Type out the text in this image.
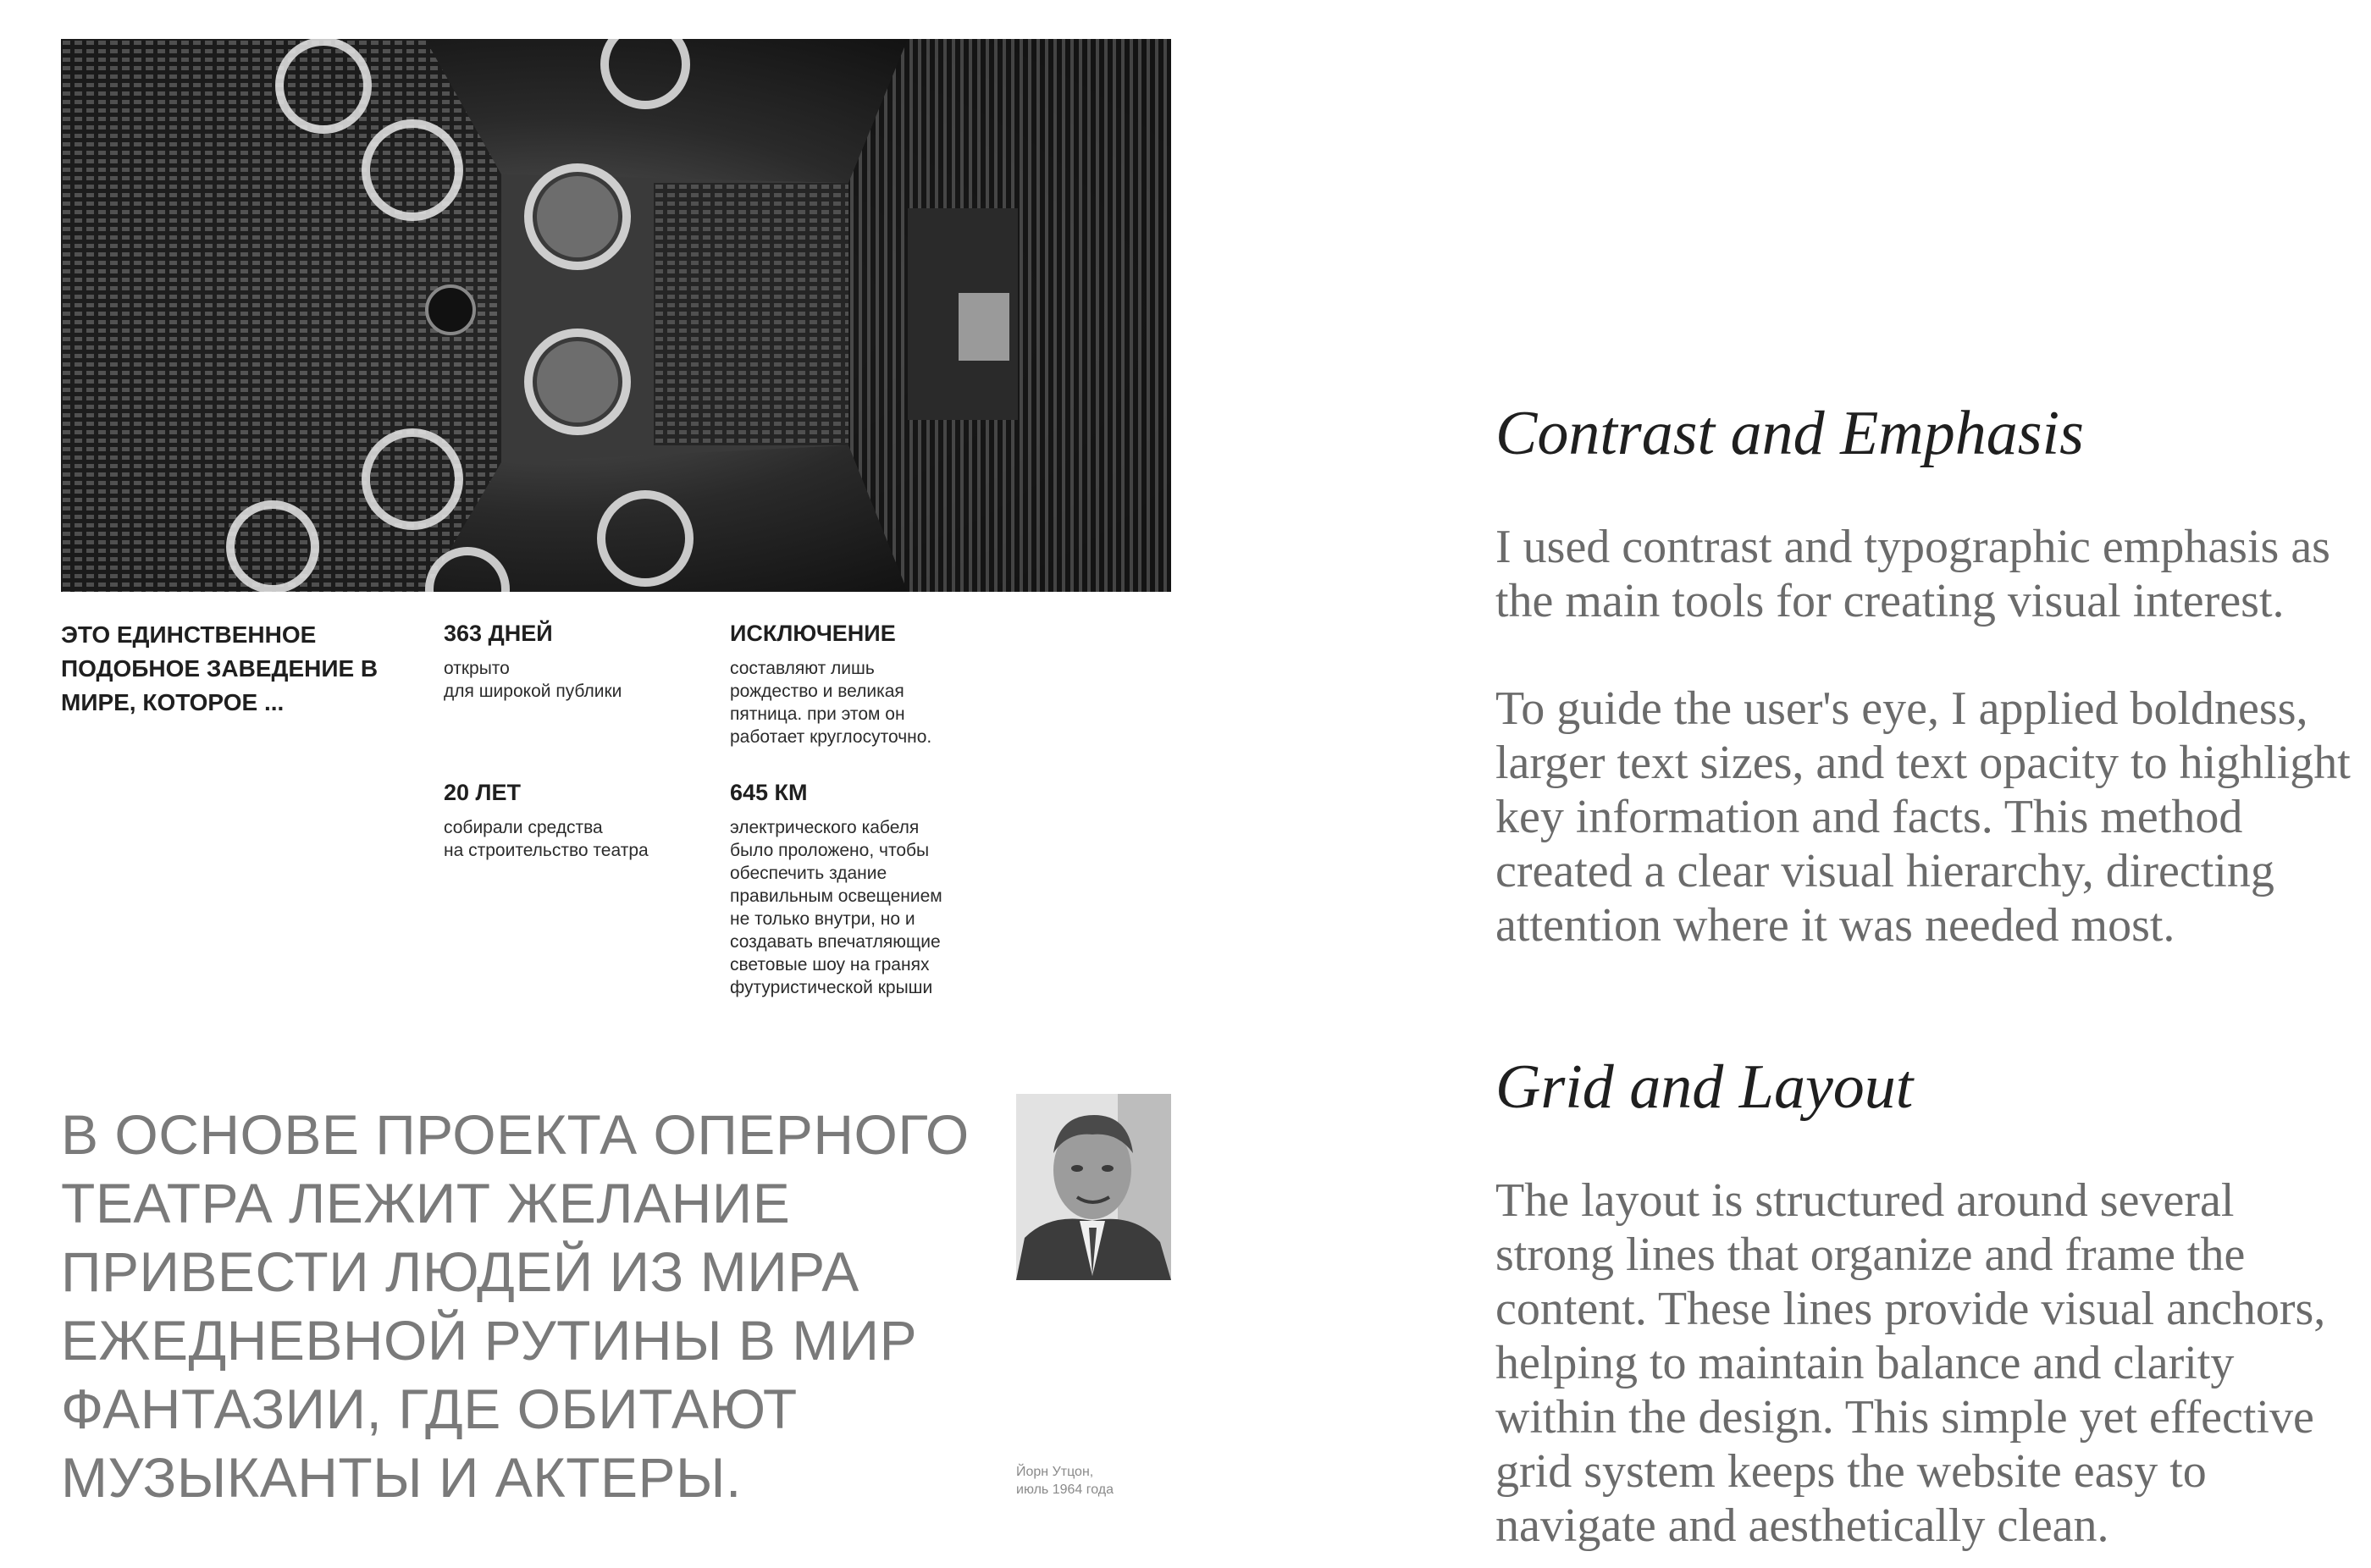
ЭТО ЕДИНСТВЕННОЕ ПОДОБНОЕ ЗАВЕДЕНИЕ В МИРЕ, КОТОРОЕ ...

363 ДНЕЙ

открыто
для широкой публики

ИСКЛЮЧЕНИЕ

составляют лишь
рождество и великая
пятница. при этом он
работает круглосуточно.

20 ЛЕТ

собирали средства
на строительство театра

645 КМ

электрического кабеля
было проложено, чтобы
обеспечить здание
правильным освещением
не только внутри, но и
создавать впечатляющие
световые шоу на гранях
футуристической крыши

В ОСНОВЕ ПРОЕКТА ОПЕРНОГО
ТЕАТРА ЛЕЖИТ ЖЕЛАНИЕ
ПРИВЕСТИ ЛЮДЕЙ ИЗ МИРА
ЕЖЕДНЕВНОЙ РУТИНЫ В МИР
ФАНТАЗИИ, ГДЕ ОБИТАЮТ
МУЗЫКАНТЫ И АКТЕРЫ.	Йорн Утцон,
июль 1964 года

Contrast and Emphasis

I used contrast and typographic emphasis as the main tools for creating visual interest.

To guide the user's eye, I applied boldness, larger text sizes, and text opacity to highlight key information and facts. This method created a clear visual hierarchy, directing attention where it was needed most.

Grid and Layout

The layout is structured around several strong lines that organize and frame the content. These lines provide visual anchors, helping to maintain balance and clarity within the design. This simple yet effective grid system keeps the website easy to navigate and aesthetically clean.
